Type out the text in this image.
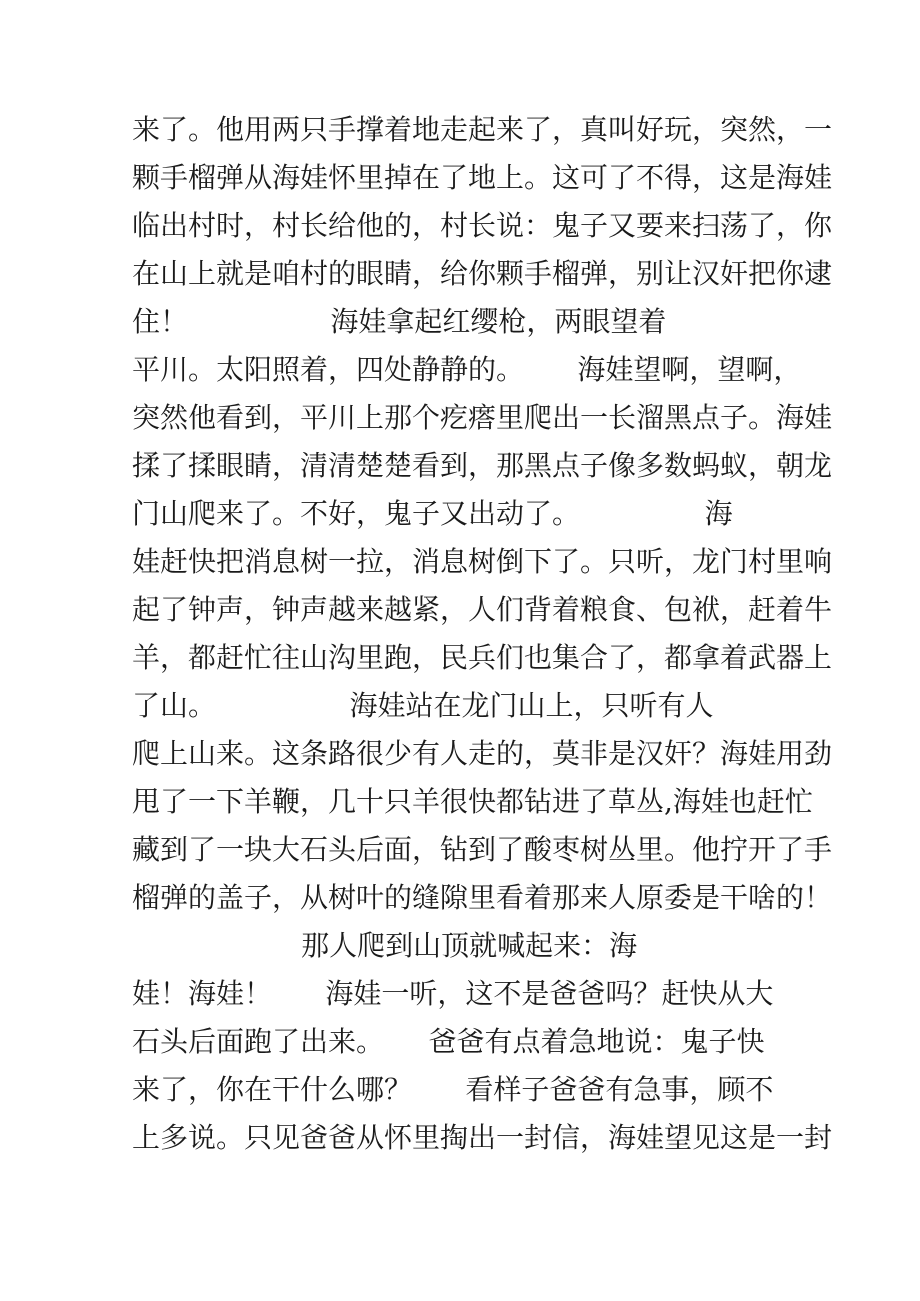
来了。他用两只手撑着地走起来了，真叫好玩，突然，一

颗手榴弹从海娃怀里掉在了地上。这可了不得，这是海娃

临出村时，村长给他的，村长说：鬼子又要来扫荡了，你

在山上就是咱村的眼睛，给你颗手榴弹，别让汉奸把你逮

住！                海娃拿起红缨枪，两眼望着

平川。太阳照着，四处静静的。      海娃望啊，望啊，

突然他看到，平川上那个疙瘩里爬出一长溜黑点子。海娃

揉了揉眼睛，清清楚楚看到，那黑点子像多数蚂蚁，朝龙

门山爬来了。不好，鬼子又出动了。              海

娃赶快把消息树一拉，消息树倒下了。只听，龙门村里响

起了钟声，钟声越来越紧，人们背着粮食、包袱，赶着牛

羊，都赶忙往山沟里跑，民兵们也集合了，都拿着武器上

了山。               海娃站在龙门山上，只听有人

爬上山来。这条路很少有人走的，莫非是汉奸？海娃用劲

甩了一下羊鞭，几十只羊很快都钻进了草丛,海娃也赶忙

藏到了一块大石头后面，钻到了酸枣树丛里。他拧开了手

榴弹的盖子，从树叶的缝隙里看着那来人原委是干啥的！

那人爬到山顶就喊起来：海

娃！海娃！      海娃一听，这不是爸爸吗？赶快从大

石头后面跑了出来。     爸爸有点着急地说：鬼子快

来了，你在干什么哪？      看样子爸爸有急事，顾不

上多说。只见爸爸从怀里掏出一封信，海娃望见这是一封
